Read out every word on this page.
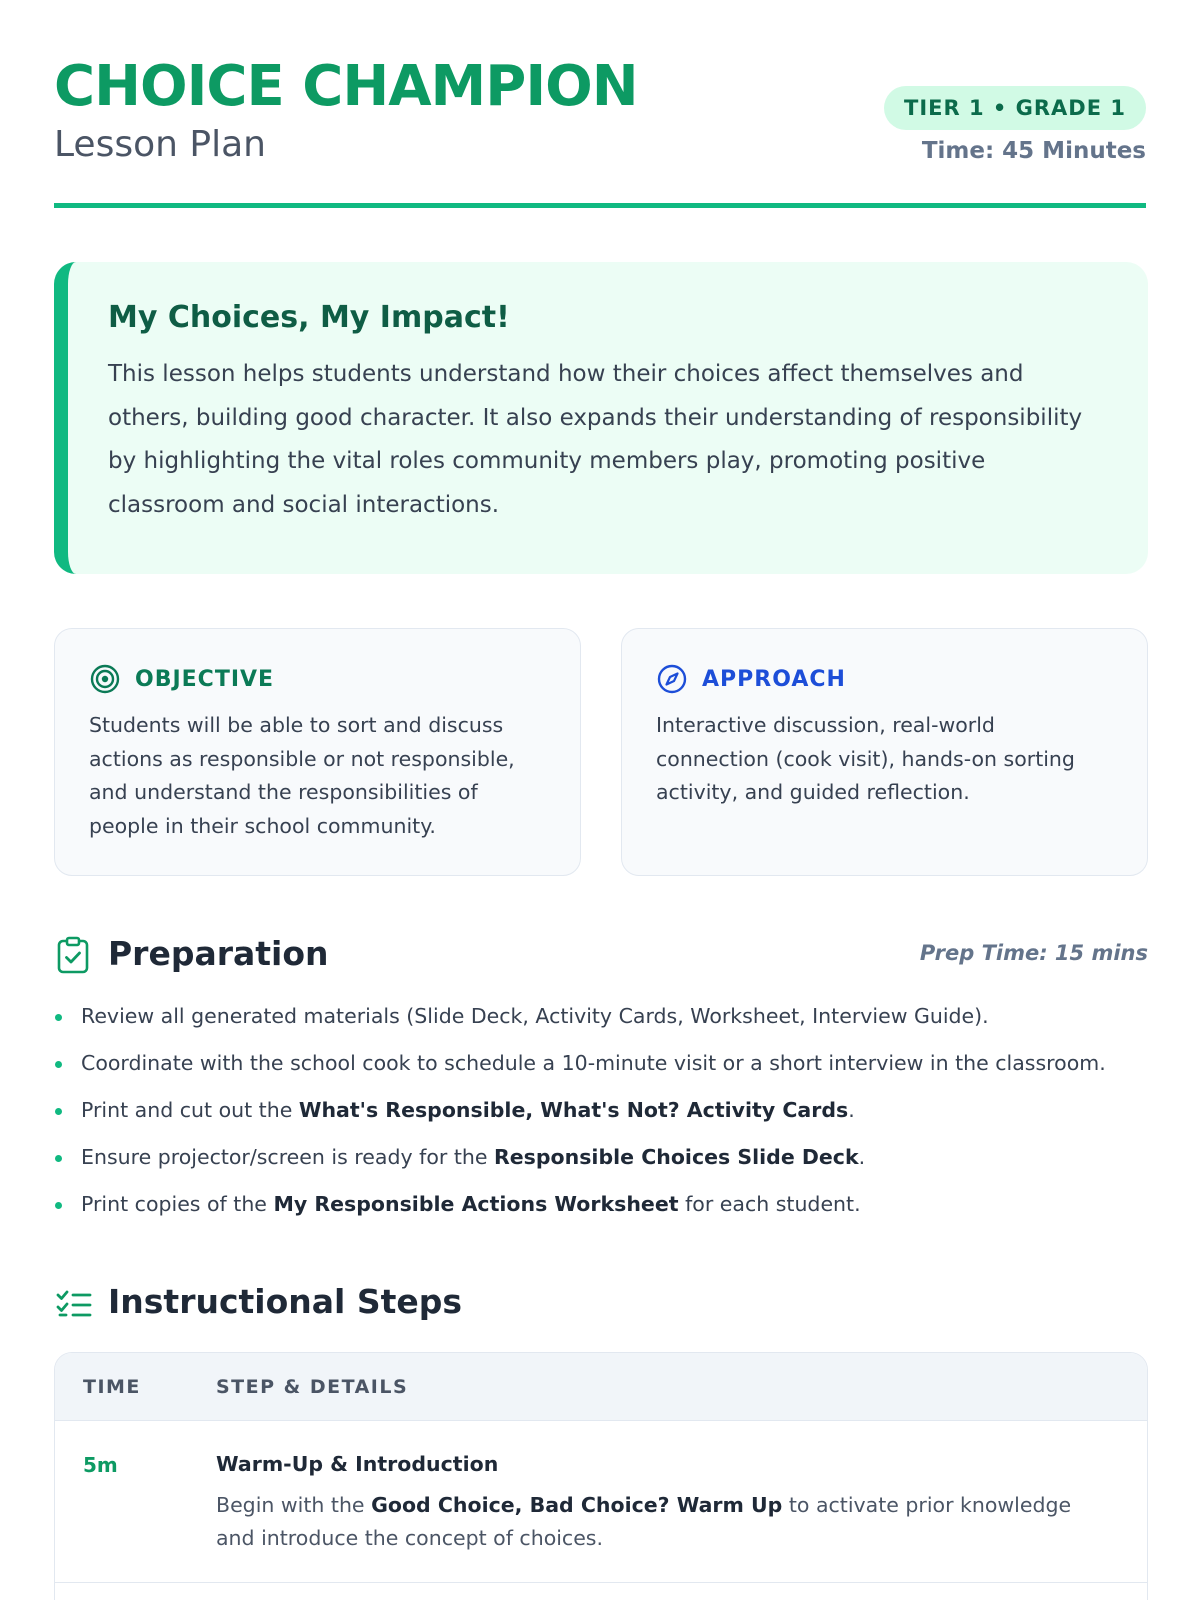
CHOICE CHAMPION
Lesson Plan
TIER 1 • GRADE 1
Time: 45 Minutes
My Choices, My Impact!
This lesson helps students understand how their choices affect themselves and others, building good character. It also expands their understanding of responsibility by highlighting the vital roles community members play, promoting positive classroom and social interactions.
OBJECTIVE
Students will be able to sort and discuss actions as responsible or not responsible, and understand the responsibilities of people in their school community.
APPROACH
Interactive discussion, real-world connection (cook visit), hands-on sorting activity, and guided reflection.
Preparation	Prep Time: 15 mins
Review all generated materials (Slide Deck, Activity Cards, Worksheet, Interview Guide).
Coordinate with the school cook to schedule a 10-minute visit or a short interview in the classroom.
Print and cut out the What's Responsible, What's Not? Activity Cards.
Ensure projector/screen is ready for the Responsible Choices Slide Deck.
Print copies of the My Responsible Actions Worksheet for each student.
Instructional Steps
TIME	STEP & DETAILS
5m	Warm-Up & Introduction
Begin with the Good Choice, Bad Choice? Warm Up to activate prior knowledge and introduce the concept of choices.
